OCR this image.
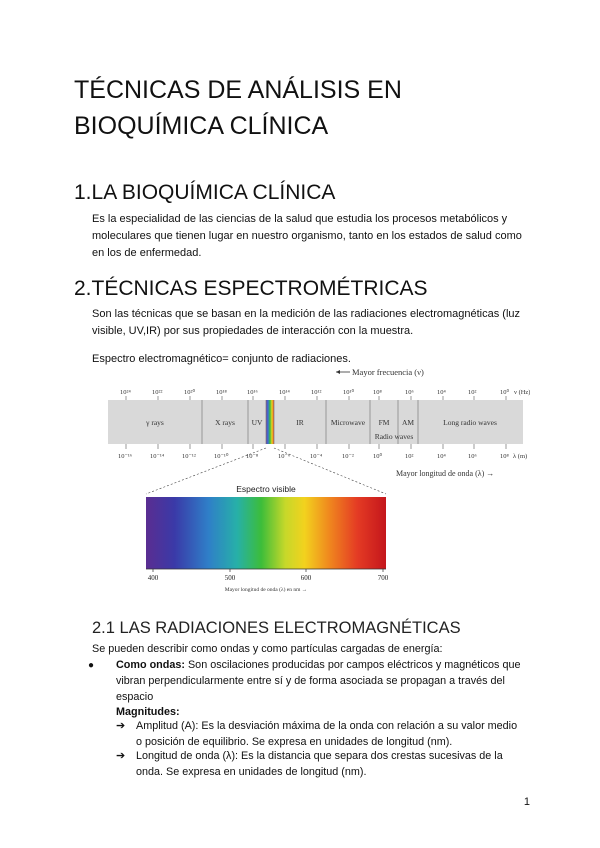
TÉCNICAS DE ANÁLISIS EN BIOQUÍMICA CLÍNICA
1.LA BIOQUÍMICA CLÍNICA

Es la especialidad de las ciencias de la salud que estudia los procesos metabólicos y moleculares que tienen lugar en nuestro organismo, tanto en los estados de salud como en los de enfermedad.

2.TÉCNICAS ESPECTROMÉTRICAS

Son las técnicas que se basan en la medición de las radiaciones electromagnéticas (luz visible, UV,IR) por sus propiedades de interacción con la muestra.

Espectro electromagnético= conjunto de radiaciones.

Mayor frecuencia (ν)
10²⁴	10²²	10²⁰	10¹⁸	10¹⁶	10¹⁴	10¹²	10¹⁰	10⁸	10⁶	10⁴	10²	10⁰ ν (Hz)
γ rays	X rays UV	IR	Microwave FM AM	Long radio waves
Radio waves
10⁻¹⁶	10⁻¹⁴	10⁻¹²	10⁻¹⁰	10⁻⁸	10⁻⁶	10⁻⁴	10⁻²	10⁰	10²	10⁴	10⁶	10⁸ λ (m)
Mayor longitud de onda (λ) →
Espectro visible
400	500	600	700
Mayor longitud de onda (λ) en nm →
2.1 LAS RADIACIONES ELECTROMAGNÉTICAS

Se pueden describir como ondas y como partículas cargadas de energía:

● Como ondas: Son oscilaciones producidas por campos eléctricos y magnéticos que vibran perpendicularmente entre sí y de forma asociada se propagan a través del espacio

Magnitudes:

➔ Amplitud (A): Es la desviación máxima de la onda con relación a su valor medio o posición de equilibrio. Se expresa en unidades de longitud (nm).
➔ Longitud de onda (λ): Es la distancia que separa dos crestas sucesivas de la onda. Se expresa en unidades de longitud (nm).
1
